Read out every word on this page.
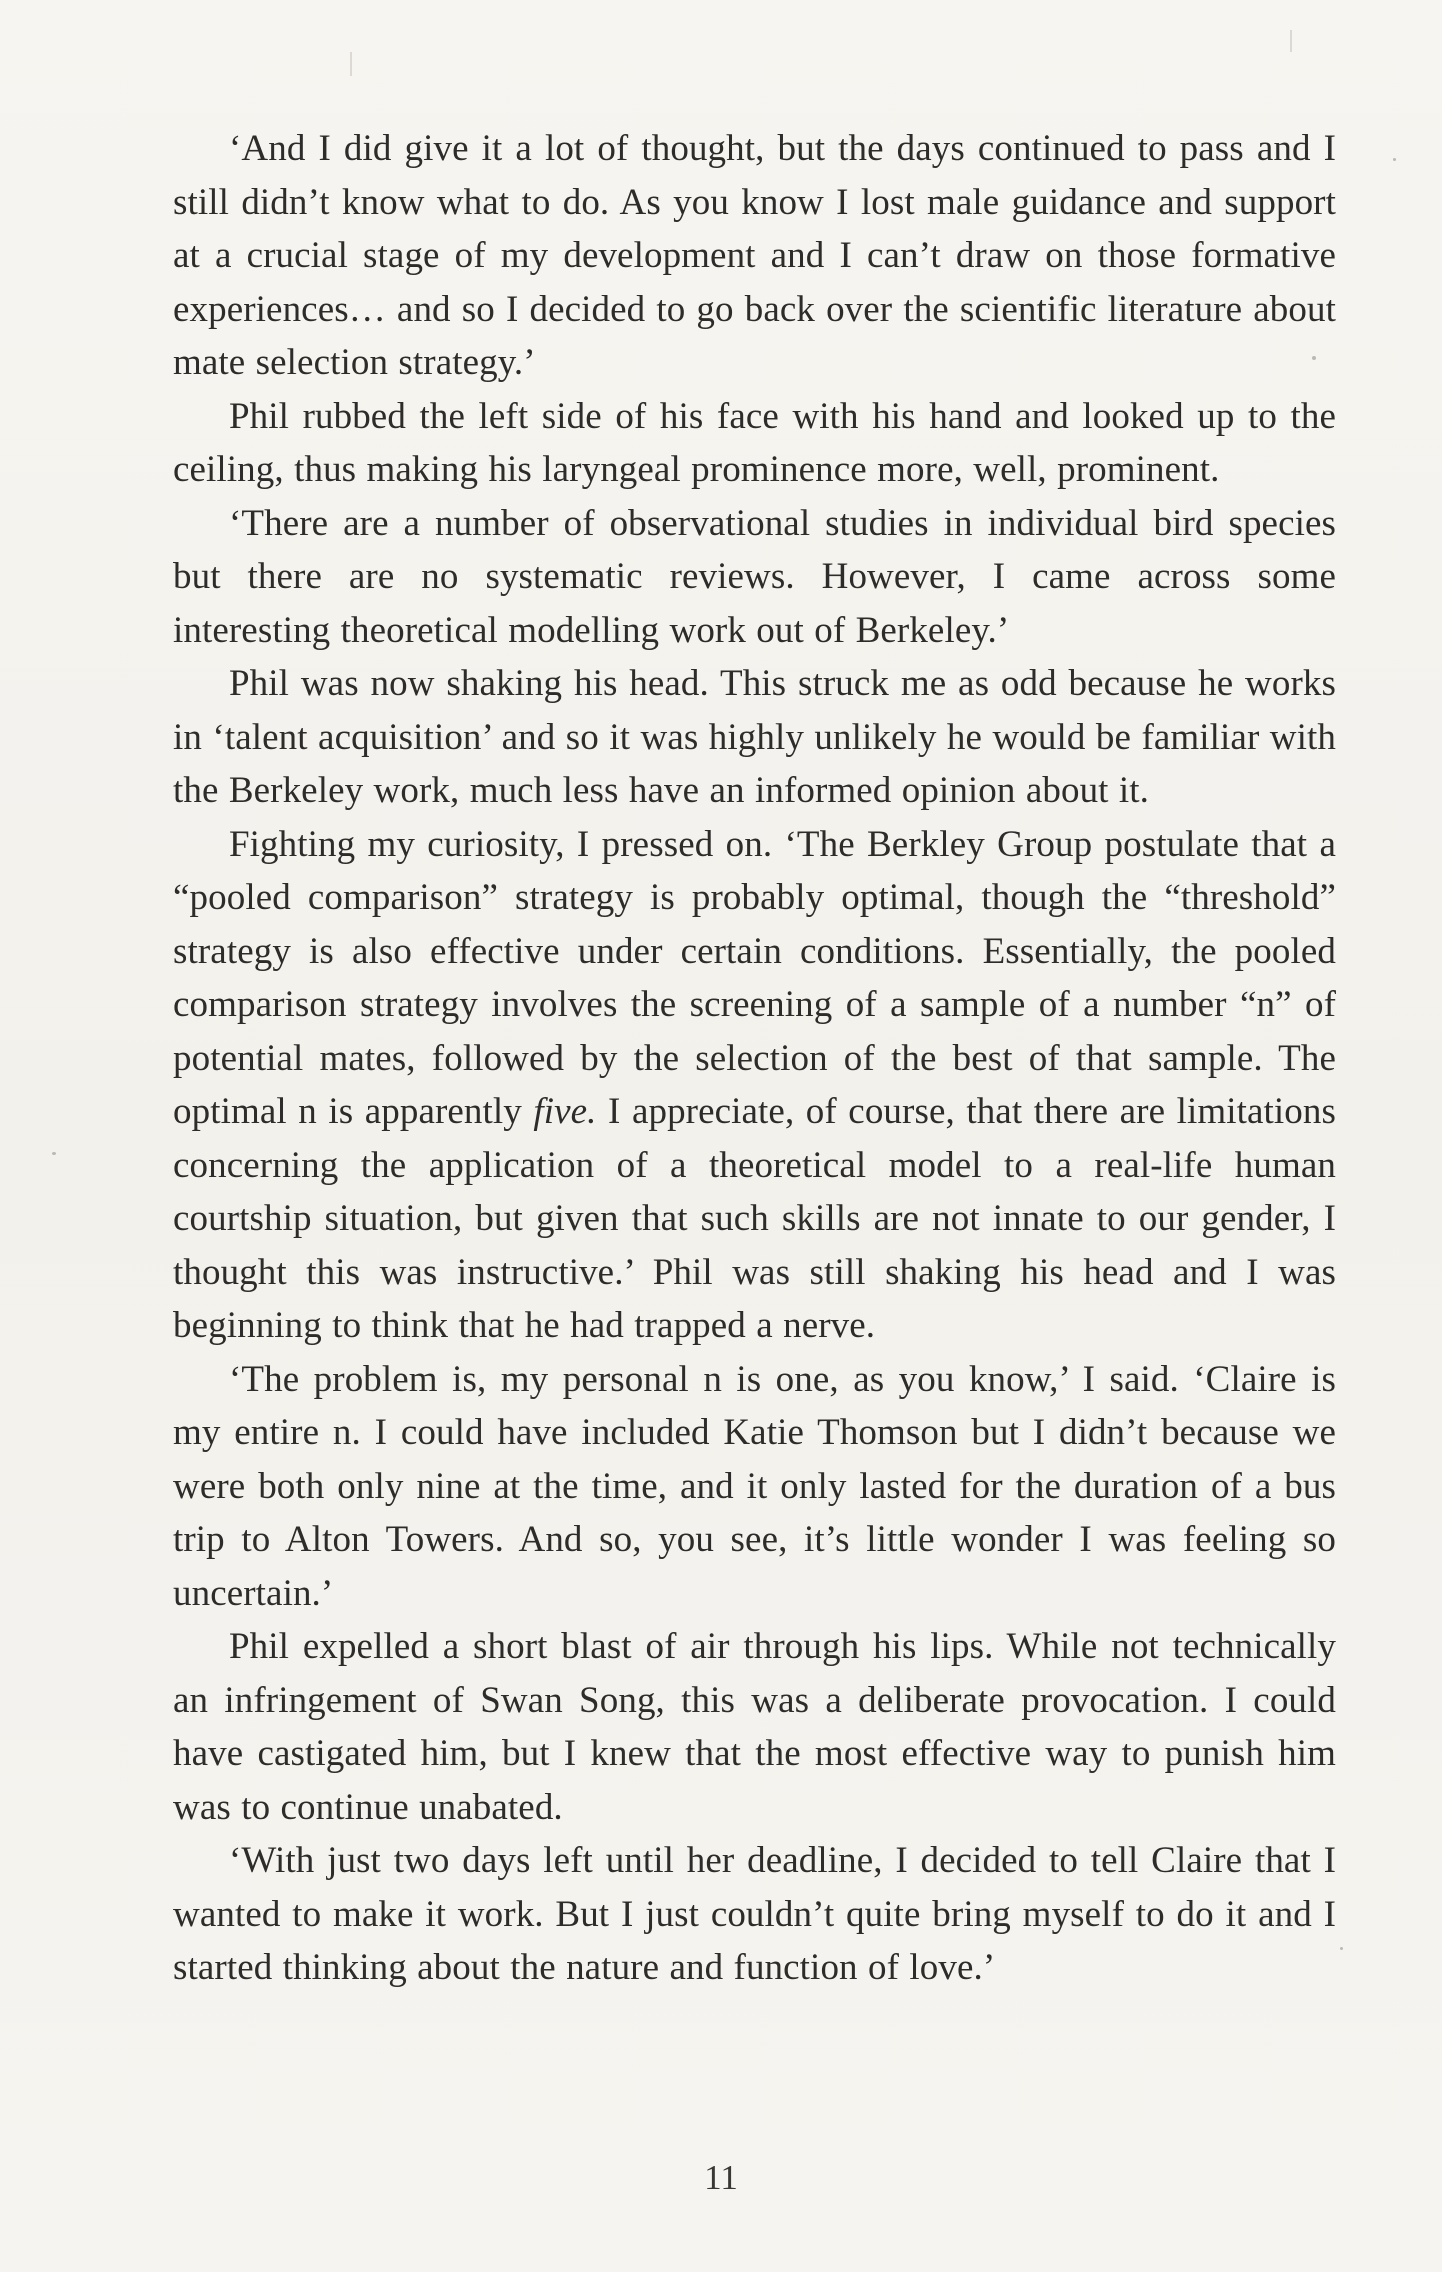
‘And I did give it a lot of thought, but the days continued to pass and I still didn’t know what to do. As you know I lost male guidance and support at a crucial stage of my development and I can’t draw on those formative experiences… and so I decided to go back over the scientific literature about mate selection strategy.’

Phil rubbed the left side of his face with his hand and looked up to the ceiling, thus making his laryngeal prominence more, well, prominent.

‘There are a number of observational studies in individual bird species but there are no systematic reviews. However, I came across some interesting theoretical modelling work out of Berkeley.’

Phil was now shaking his head. This struck me as odd because he works in ‘talent acquisition’ and so it was highly unlikely he would be familiar with the Berkeley work, much less have an informed opinion about it.

Fighting my curiosity, I pressed on. ‘The Berkley Group postulate that a “pooled comparison” strategy is probably optimal, though the “threshold” strategy is also effective under certain conditions. Essentially, the pooled comparison strategy involves the screening of a sample of a number “n” of potential mates, followed by the selection of the best of that sample. The optimal n is apparently five. I appreciate, of course, that there are limitations concerning the application of a theoretical model to a real-life human courtship situation, but given that such skills are not innate to our gender, I thought this was instructive.’ Phil was still shaking his head and I was beginning to think that he had trapped a nerve.

‘The problem is, my personal n is one, as you know,’ I said. ‘Claire is my entire n. I could have included Katie Thomson but I didn’t because we were both only nine at the time, and it only lasted for the duration of a bus trip to Alton Towers. And so, you see, it’s little wonder I was feeling so uncertain.’

Phil expelled a short blast of air through his lips. While not technically an infringement of Swan Song, this was a deliberate provocation. I could have castigated him, but I knew that the most effective way to punish him was to continue unabated.

‘With just two days left until her deadline, I decided to tell Claire that I wanted to make it work. But I just couldn’t quite bring myself to do it and I started thinking about the nature and function of love.’

11
